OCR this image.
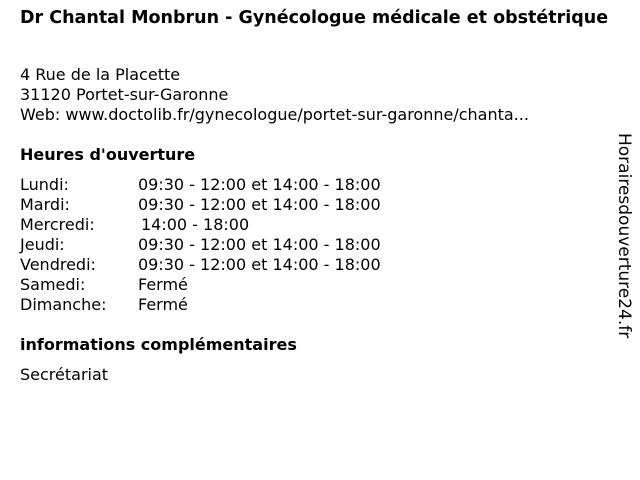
Dr Chantal Monbrun - Gynécologue médicale et obstétrique
4 Rue de la Placette
31120 Portet-sur-Garonne
Web: www.doctolib.fr/gynecologue/portet-sur-garonne/chanta...
Heures d'ouverture
Lundi:	09:30 - 12:00 et 14:00 - 18:00
Mardi:	09:30 - 12:00 et 14:00 - 18:00
Mercredi:	14:00 - 18:00
Jeudi:	09:30 - 12:00 et 14:00 - 18:00
Vendredi:	09:30 - 12:00 et 14:00 - 18:00
Samedi:	Fermé
Dimanche: Fermé
informations complémentaires
Secrétariat
Horairesdouverture24.fr
